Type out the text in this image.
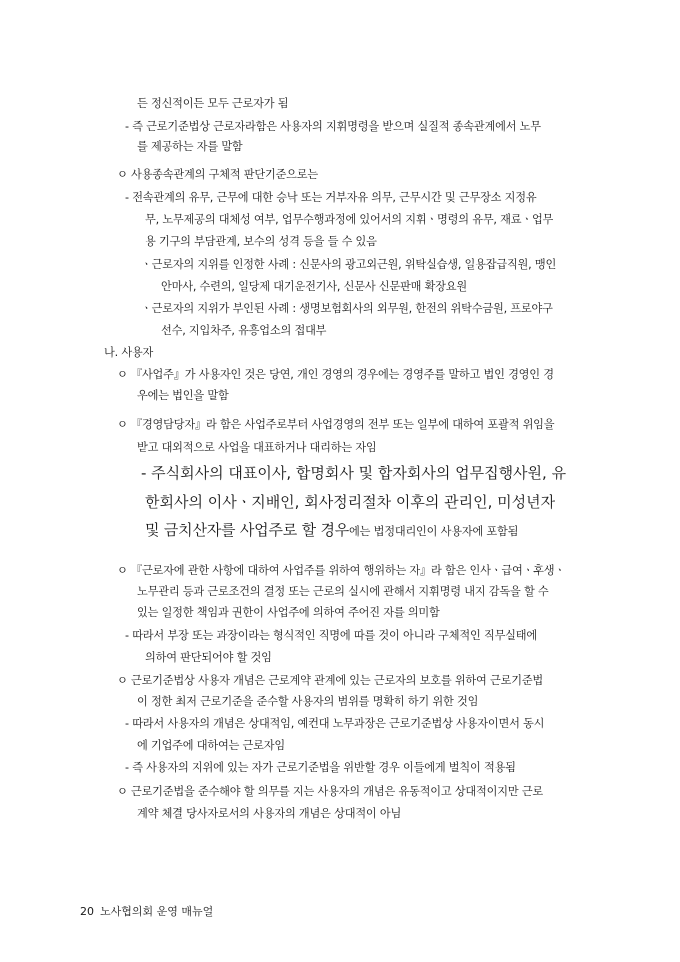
든 정신적이든 모두 근로자가 됨
- 즉 근로기준법상 근로자라함은 사용자의 지휘명령을 받으며 실질적 종속관계에서 노무
를 제공하는 자를 말함
ㅇ 사용종속관계의 구체적 판단기준으로는
- 전속관계의 유무, 근무에 대한 승낙 또는 거부자유 의무, 근무시간 및 근무장소 지정유
무, 노무제공의 대체성 여부, 업무수행과정에 있어서의 지휘ㆍ명령의 유무, 재료ㆍ업무
용 기구의 부담관계, 보수의 성격 등을 들 수 있음
ㆍ근로자의 지위를 인정한 사례 : 신문사의 광고외근원, 위탁실습생, 일용잡급직원, 맹인
안마사, 수련의, 일당제 대기운전기사, 신문사 신문판매 확장요원
ㆍ근로자의 지위가 부인된 사례 : 생명보험회사의 외무원, 한전의 위탁수금원, 프로야구
선수, 지입차주, 유흥업소의 접대부
나. 사용자
ㅇ 『사업주』가 사용자인 것은 당연, 개인 경영의 경우에는 경영주를 말하고 법인 경영인 경
우에는 법인을 말함
ㅇ 『경영담당자』라 함은 사업주로부터 사업경영의 전부 또는 일부에 대하여 포괄적 위임을
받고 대외적으로 사업을 대표하거나 대리하는 자임
- 주식회사의 대표이사, 합명회사 및 합자회사의 업무집행사원, 유
한회사의 이사ㆍ지배인, 회사정리절차 이후의 관리인, 미성년자
및 금치산자를 사업주로 할 경우에는 법정대리인이 사용자에 포함됨
ㅇ 『근로자에 관한 사항에 대하여 사업주를 위하여 행위하는 자』라 함은 인사ㆍ급여ㆍ후생ㆍ
노무관리 등과 근로조건의 결정 또는 근로의 실시에 관해서 지휘명령 내지 감독을 할 수
있는 일정한 책임과 권한이 사업주에 의하여 주어진 자를 의미함
- 따라서 부장 또는 과장이라는 형식적인 직명에 따를 것이 아니라 구체적인 직무실태에
의하여 판단되어야 할 것임
ㅇ 근로기준법상 사용자 개념은 근로계약 관계에 있는 근로자의 보호를 위하여 근로기준법
이 정한 최저 근로기준을 준수할 사용자의 범위를 명확히 하기 위한 것임
- 따라서 사용자의 개념은 상대적임, 예컨대 노무과장은 근로기준법상 사용자이면서 동시
에 기업주에 대하여는 근로자임
- 즉 사용자의 지위에 있는 자가 근로기준법을 위반할 경우 이들에게 벌칙이 적용됨
ㅇ 근로기준법을 준수해야 할 의무를 지는 사용자의 개념은 유동적이고 상대적이지만 근로
계약 체결 당사자로서의 사용자의 개념은 상대적이 아님
20 노사협의회 운영 매뉴얼
